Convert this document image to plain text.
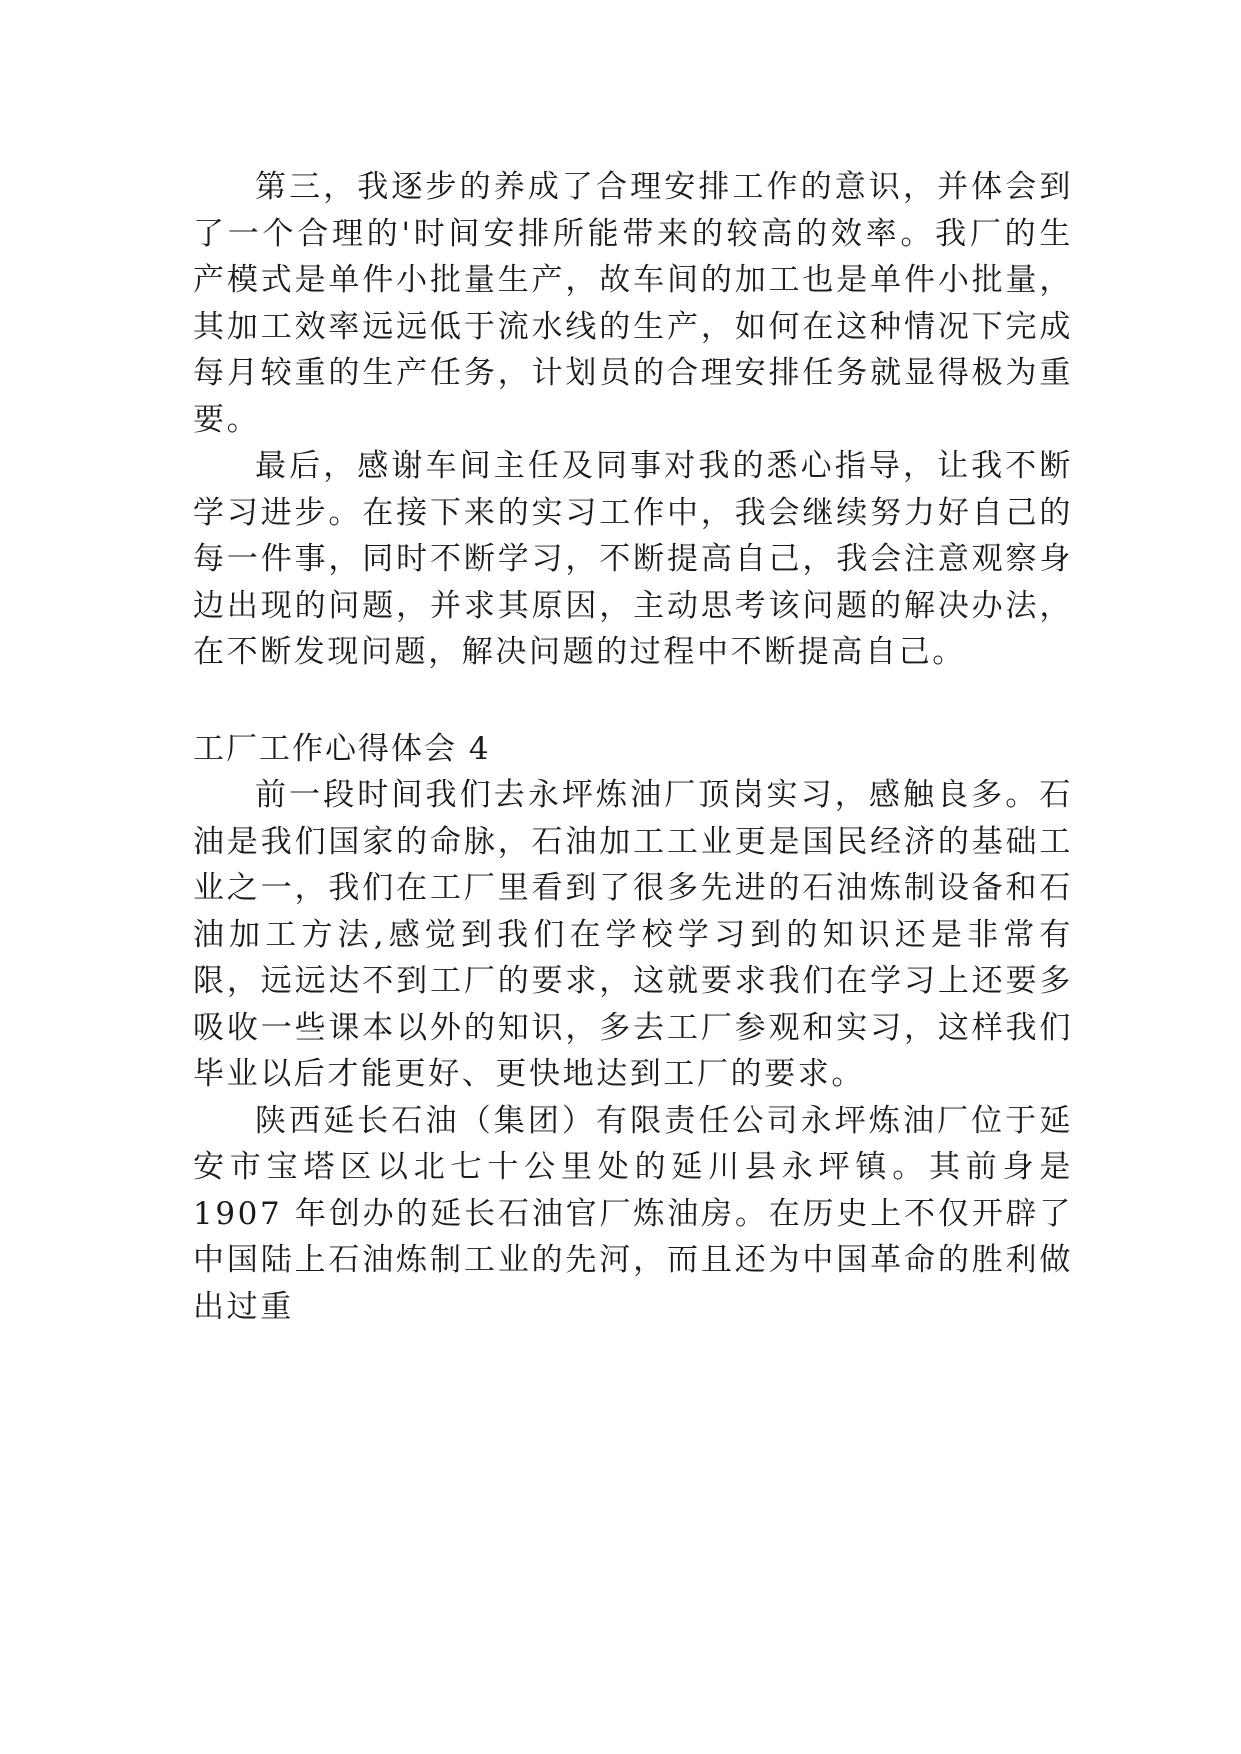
第三，我逐步的养成了合理安排工作的意识，并体会到了一个合理的'时间安排所能带来的较高的效率。我厂的生产模式是单件小批量生产，故车间的加工也是单件小批量，其加工效率远远低于流水线的生产，如何在这种情况下完成每月较重的生产任务，计划员的合理安排任务就显得极为重要。

最后，感谢车间主任及同事对我的悉心指导，让我不断学习进步。在接下来的实习工作中，我会继续努力好自己的每一件事，同时不断学习，不断提高自己，我会注意观察身边出现的问题，并求其原因，主动思考该问题的解决办法，在不断发现问题，解决问题的过程中不断提高自己。

工厂工作心得体会 4

前一段时间我们去永坪炼油厂顶岗实习，感触良多。石油是我们国家的命脉，石油加工工业更是国民经济的基础工业之一，我们在工厂里看到了很多先进的石油炼制设备和石油加工方法,感觉到我们在学校学习到的知识还是非常有限，远远达不到工厂的要求，这就要求我们在学习上还要多吸收一些课本以外的知识，多去工厂参观和实习，这样我们毕业以后才能更好、更快地达到工厂的要求。

陕西延长石油（集团）有限责任公司永坪炼油厂位于延安市宝塔区以北七十公里处的延川县永坪镇。其前身是 1907 年创办的延长石油官厂炼油房。在历史上不仅开辟了中国陆上石油炼制工业的先河，而且还为中国革命的胜利做出过重
